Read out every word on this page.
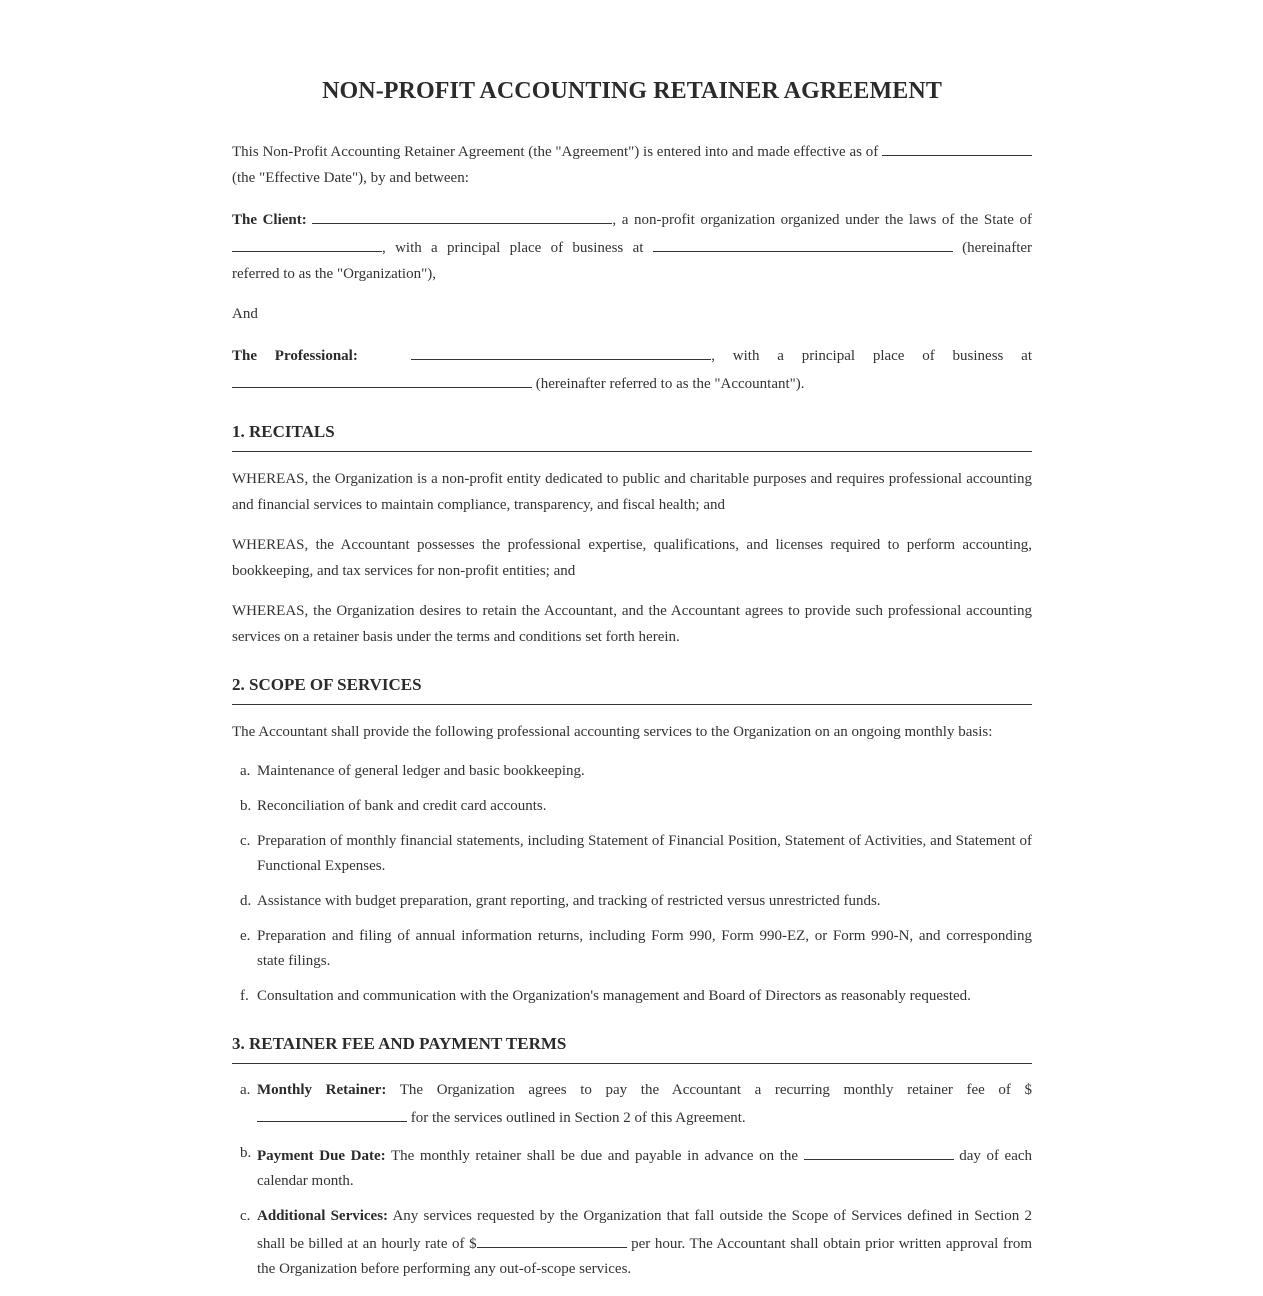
NON-PROFIT ACCOUNTING RETAINER AGREEMENT

This Non-Profit Accounting Retainer Agreement (the "Agreement") is entered into and made effective as of  (the "Effective Date"), by and between:

The Client:	, a non-profit organization organized under the laws of the State of , with a principal place of business at	(hereinafter referred to as the "Organization"),

And

The Professional:	, with a principal place of business at  (hereinafter referred to as the "Accountant").

1. RECITALS

WHEREAS, the Organization is a non-profit entity dedicated to public and charitable purposes and requires professional accounting and financial services to maintain compliance, transparency, and fiscal health; and

WHEREAS, the Accountant possesses the professional expertise, qualifications, and licenses required to perform accounting, bookkeeping, and tax services for non-profit entities; and

WHEREAS, the Organization desires to retain the Accountant, and the Accountant agrees to provide such professional accounting services on a retainer basis under the terms and conditions set forth herein.

2. SCOPE OF SERVICES

The Accountant shall provide the following professional accounting services to the Organization on an ongoing monthly basis:

a. Maintenance of general ledger and basic bookkeeping.
b. Reconciliation of bank and credit card accounts.
c. Preparation of monthly financial statements, including Statement of Financial Position, Statement of Activities, and Statement of Functional Expenses.
d. Assistance with budget preparation, grant reporting, and tracking of restricted versus unrestricted funds.
e. Preparation and filing of annual information returns, including Form 990, Form 990-EZ, or Form 990-N, and corresponding state filings.
f. Consultation and communication with the Organization's management and Board of Directors as reasonably requested.
3. RETAINER FEE AND PAYMENT TERMS
a. Monthly Retainer: The Organization agrees to pay the Accountant a recurring monthly retainer fee of $  for the services outlined in Section 2 of this Agreement.
b. Payment Due Date: The monthly retainer shall be due and payable in advance on the	day of each calendar month.
c. Additional Services: Any services requested by the Organization that fall outside the Scope of Services defined in Section 2 shall be billed at an hourly rate of $	per hour. The Accountant shall obtain prior written approval from the Organization before performing any out-of-scope services.
